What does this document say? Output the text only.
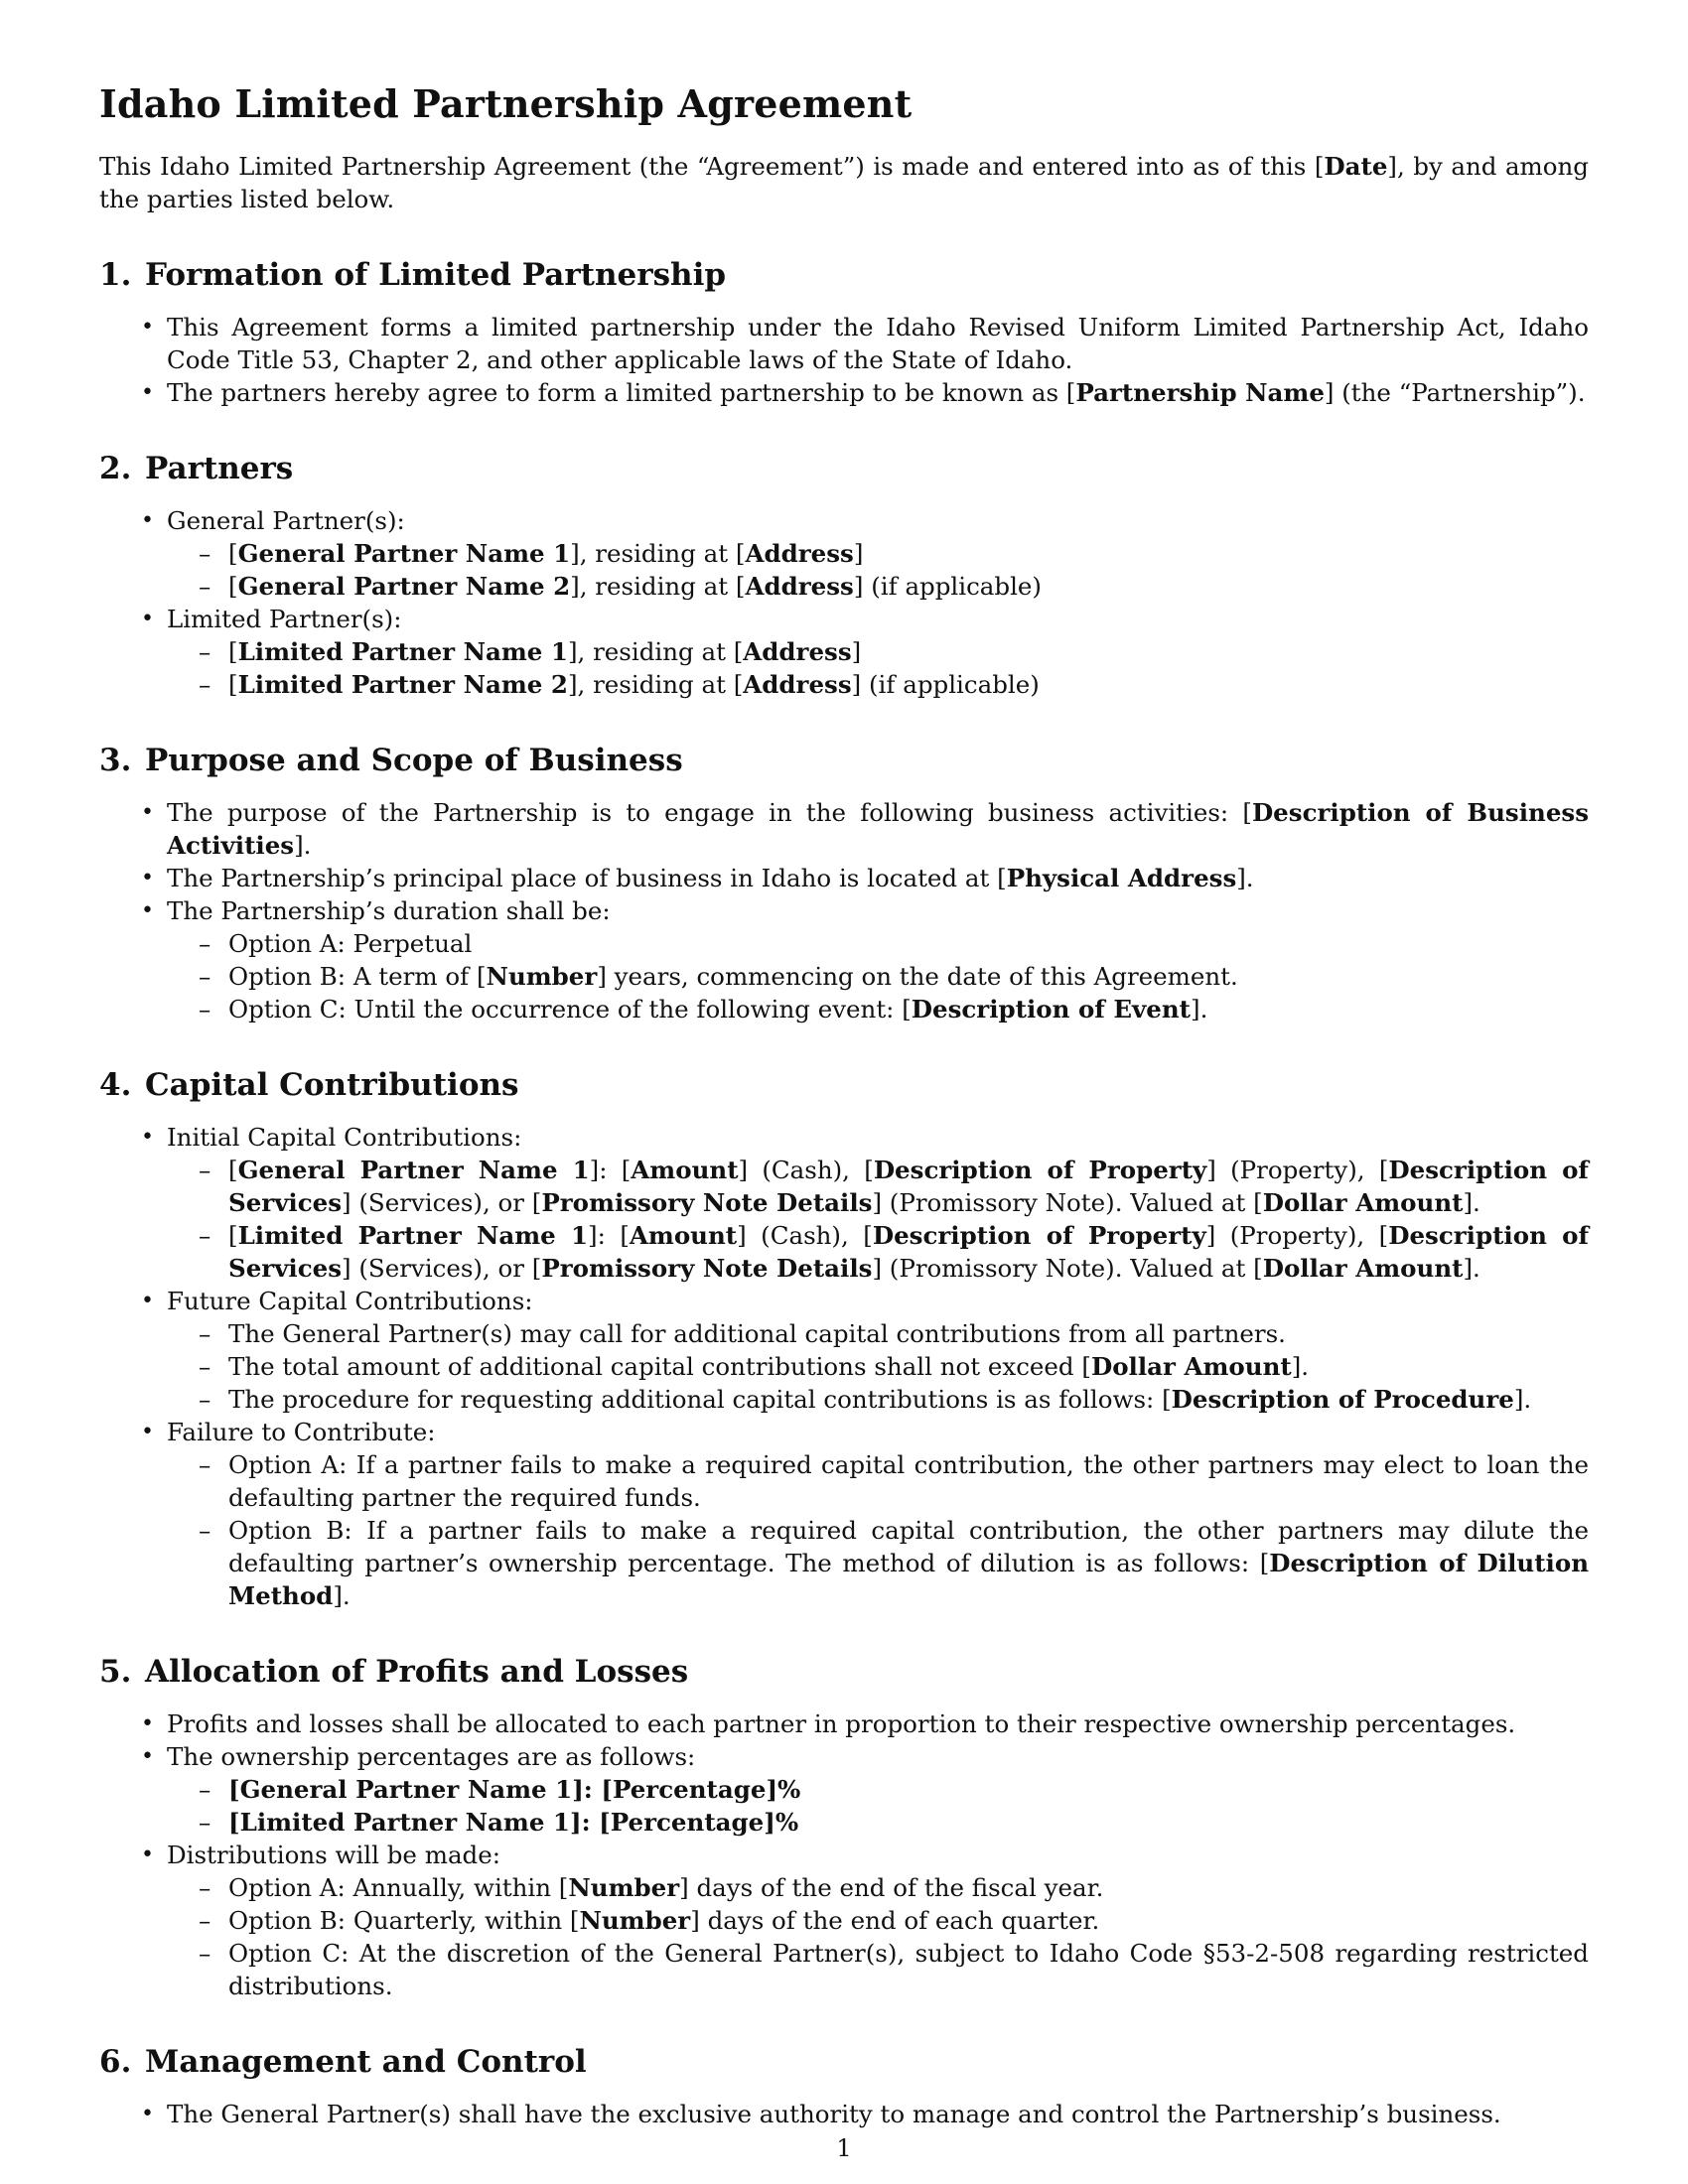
Idaho Limited Partnership Agreement

This Idaho Limited Partnership Agreement (the “Agreement”) is made and entered into as of this [Date], by and among the parties listed below.

1. Formation of Limited Partnership
• This Agreement forms a limited partnership under the Idaho Revised Uniform Limited Partnership Act, Idaho Code Title 53, Chapter 2, and other applicable laws of the State of Idaho.
• The partners hereby agree to form a limited partnership to be known as [Partnership Name] (the “Partnership”).
2. Partners
• General Partner(s):
– [General Partner Name 1], residing at [Address]
– [General Partner Name 2], residing at [Address] (if applicable)
• Limited Partner(s):
– [Limited Partner Name 1], residing at [Address]
– [Limited Partner Name 2], residing at [Address] (if applicable)
3. Purpose and Scope of Business
• The purpose of the Partnership is to engage in the following business activities: [Description of Business Activities].
• The Partnership’s principal place of business in Idaho is located at [Physical Address].
• The Partnership’s duration shall be:
– Option A: Perpetual
– Option B: A term of [Number] years, commencing on the date of this Agreement.
– Option C: Until the occurrence of the following event: [Description of Event].
4. Capital Contributions
• Initial Capital Contributions:
– [General Partner Name 1]: [Amount] (Cash), [Description of Property] (Property), [Description of Services] (Services), or [Promissory Note Details] (Promissory Note). Valued at [Dollar Amount].
– [Limited Partner Name 1]: [Amount] (Cash), [Description of Property] (Property), [Description of Services] (Services), or [Promissory Note Details] (Promissory Note). Valued at [Dollar Amount].
• Future Capital Contributions:
– The General Partner(s) may call for additional capital contributions from all partners.
– The total amount of additional capital contributions shall not exceed [Dollar Amount].
– The procedure for requesting additional capital contributions is as follows: [Description of Procedure].
• Failure to Contribute:
– Option A: If a partner fails to make a required capital contribution, the other partners may elect to loan the defaulting partner the required funds.
– Option B: If a partner fails to make a required capital contribution, the other partners may dilute the defaulting partner’s ownership percentage. The method of dilution is as follows: [Description of Dilution Method].
5. Allocation of Profits and Losses
• Profits and losses shall be allocated to each partner in proportion to their respective ownership percentages.
• The ownership percentages are as follows:
– [General Partner Name 1]: [Percentage]%
– [Limited Partner Name 1]: [Percentage]%
• Distributions will be made:
– Option A: Annually, within [Number] days of the end of the fiscal year.
– Option B: Quarterly, within [Number] days of the end of each quarter.
– Option C: At the discretion of the General Partner(s), subject to Idaho Code §53-2-508 regarding restricted distributions.
6. Management and Control
• The General Partner(s) shall have the exclusive authority to manage and control the Partnership’s business.
1
